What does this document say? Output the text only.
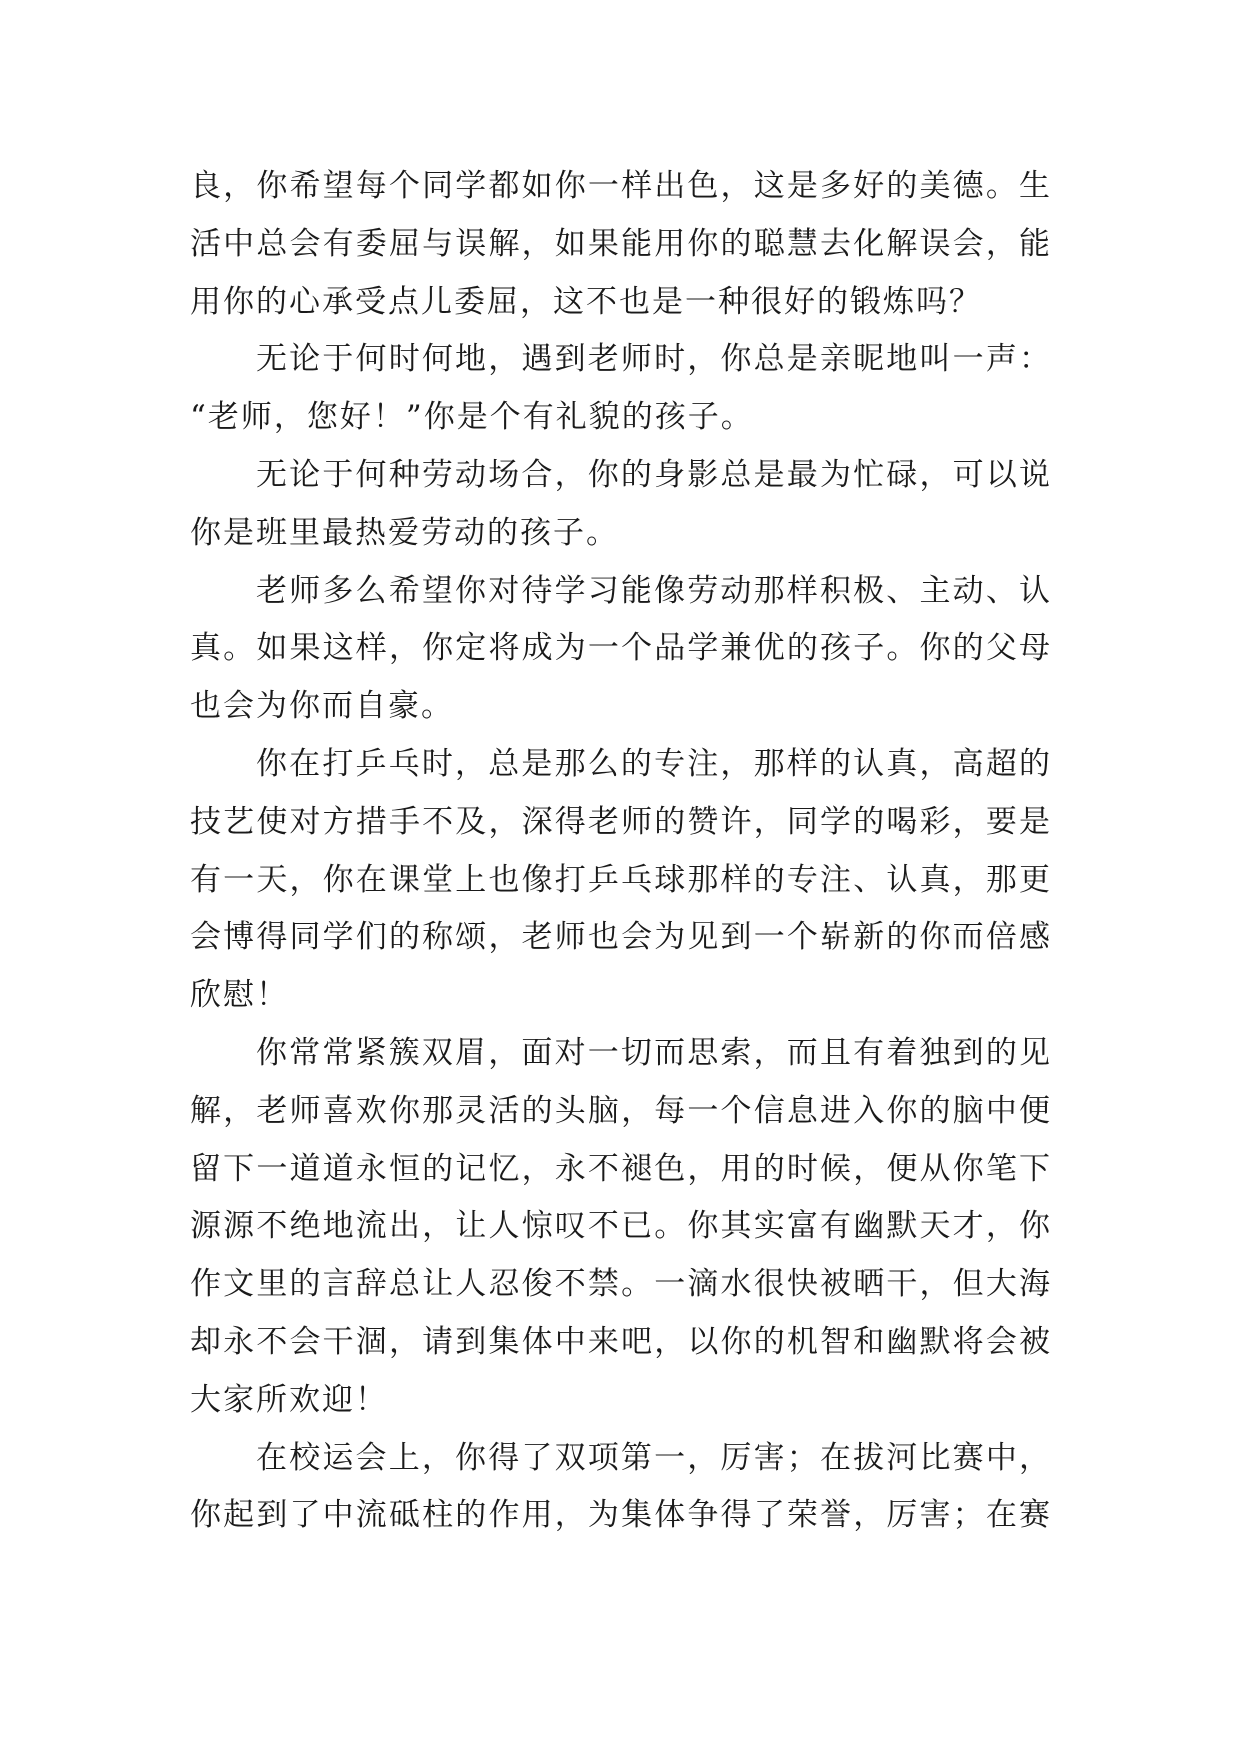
良，你希望每个同学都如你一样出色，这是多好的美德。生
活中总会有委屈与误解，如果能用你的聪慧去化解误会，能
用你的心承受点儿委屈，这不也是一种很好的锻炼吗？
无论于何时何地，遇到老师时，你总是亲昵地叫一声：
“老师，您好！”你是个有礼貌的孩子。
无论于何种劳动场合，你的身影总是最为忙碌，可以说
你是班里最热爱劳动的孩子。
老师多么希望你对待学习能像劳动那样积极、主动、认
真。如果这样，你定将成为一个品学兼优的孩子。你的父母
也会为你而自豪。
你在打乒乓时，总是那么的专注，那样的认真，高超的
技艺使对方措手不及，深得老师的赞许，同学的喝彩，要是
有一天，你在课堂上也像打乒乓球那样的专注、认真，那更
会博得同学们的称颂，老师也会为见到一个崭新的你而倍感
欣慰！
你常常紧簇双眉，面对一切而思索，而且有着独到的见
解，老师喜欢你那灵活的头脑，每一个信息进入你的脑中便
留下一道道永恒的记忆，永不褪色，用的时候，便从你笔下
源源不绝地流出，让人惊叹不已。你其实富有幽默天才，你
作文里的言辞总让人忍俊不禁。一滴水很快被晒干，但大海
却永不会干涸，请到集体中来吧，以你的机智和幽默将会被
大家所欢迎！
在校运会上，你得了双项第一，厉害；在拔河比赛中，
你起到了中流砥柱的作用，为集体争得了荣誉，厉害；在赛
